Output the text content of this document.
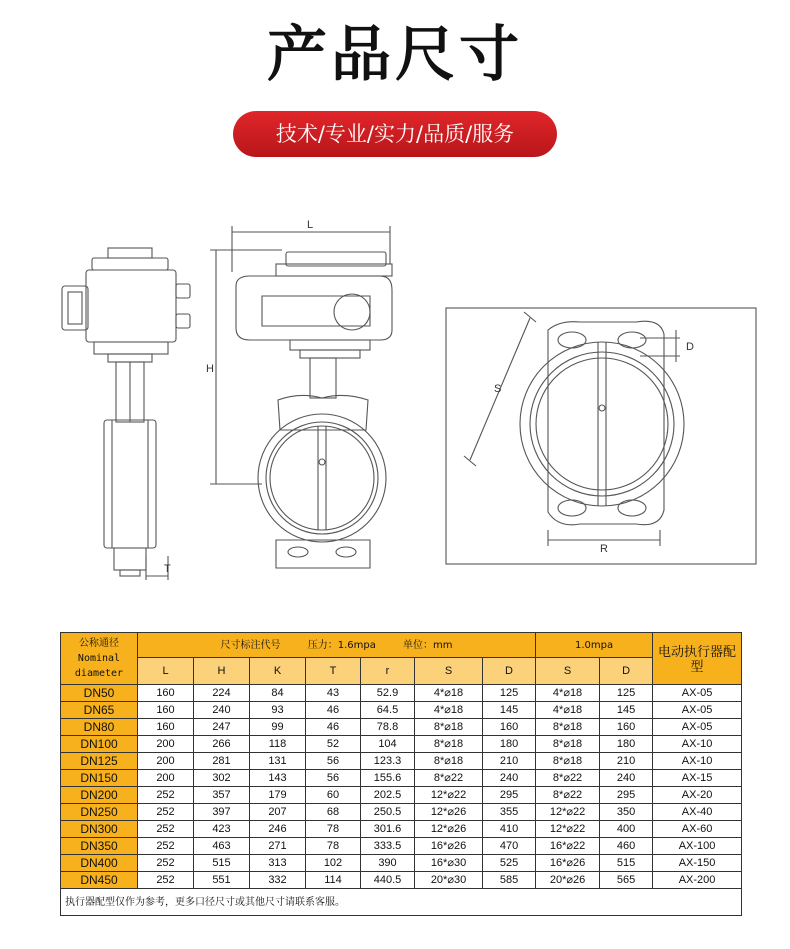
产品尺寸
技术/专业/实力/品质/服务
L
H
T
S
D
R
公称通径
Nominal diameter	尺寸标注代号 压力：1.6mpa 单位：mm							1.0mpa		电动执行器配型
	L	H	K	T	r	S	D	S	D	
DN50	160	224	84	43	52.9	4*⌀18	125	4*⌀18	125	AX-05
DN65	160	240	93	46	64.5	4*⌀18	145	4*⌀18	145	AX-05
DN80	160	247	99	46	78.8	8*⌀18	160	8*⌀18	160	AX-05
DN100	200	266	118	52	104	8*⌀18	180	8*⌀18	180	AX-10
DN125	200	281	131	56	123.3	8*⌀18	210	8*⌀18	210	AX-10
DN150	200	302	143	56	155.6	8*⌀22	240	8*⌀22	240	AX-15
DN200	252	357	179	60	202.5	12*⌀22	295	8*⌀22	295	AX-20
DN250	252	397	207	68	250.5	12*⌀26	355	12*⌀22	350	AX-40
DN300	252	423	246	78	301.6	12*⌀26	410	12*⌀22	400	AX-60
DN350	252	463	271	78	333.5	16*⌀26	470	16*⌀22	460	AX-100
DN400	252	515	313	102	390	16*⌀30	525	16*⌀26	515	AX-150
DN450	252	551	332	114	440.5	20*⌀30	585	20*⌀26	565	AX-200
执行器配型仅作为参考，更多口径尺寸或其他尺寸请联系客服。										
